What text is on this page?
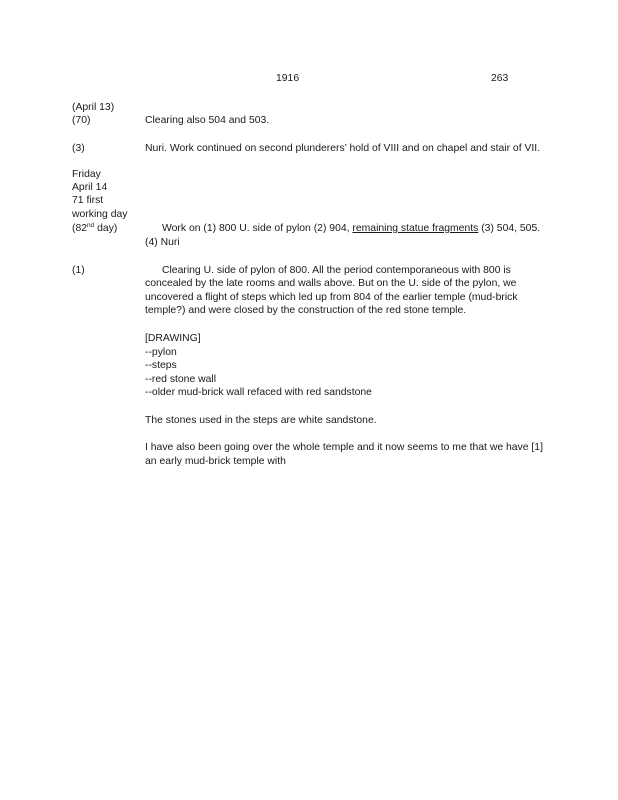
1916	263
(April 13)
(70)	Clearing also 504 and 503.
(3)	Nuri. Work continued on second plunderers’ hold of VIII and on chapel and stair of VII.
Friday
April 14
71 first
working day
(82nd day)	Work on (1) 800 U. side of pylon (2) 904, remaining statue fragments (3) 504, 505.
(4) Nuri
(1)	Clearing U. side of pylon of 800. All the period contemporaneous with 800 is
concealed by the late rooms and walls above. But on the U. side of the pylon, we
uncovered a flight of steps which led up from 804 of the earlier temple (mud-brick
temple?) and were closed by the construction of the red stone temple.
[DRAWING]
--pylon
--steps
--red stone wall
--older mud-brick wall refaced with red sandstone
The stones used in the steps are white sandstone.
I have also been going over the whole temple and it now seems to me that we have [1]
an early mud-brick temple with
